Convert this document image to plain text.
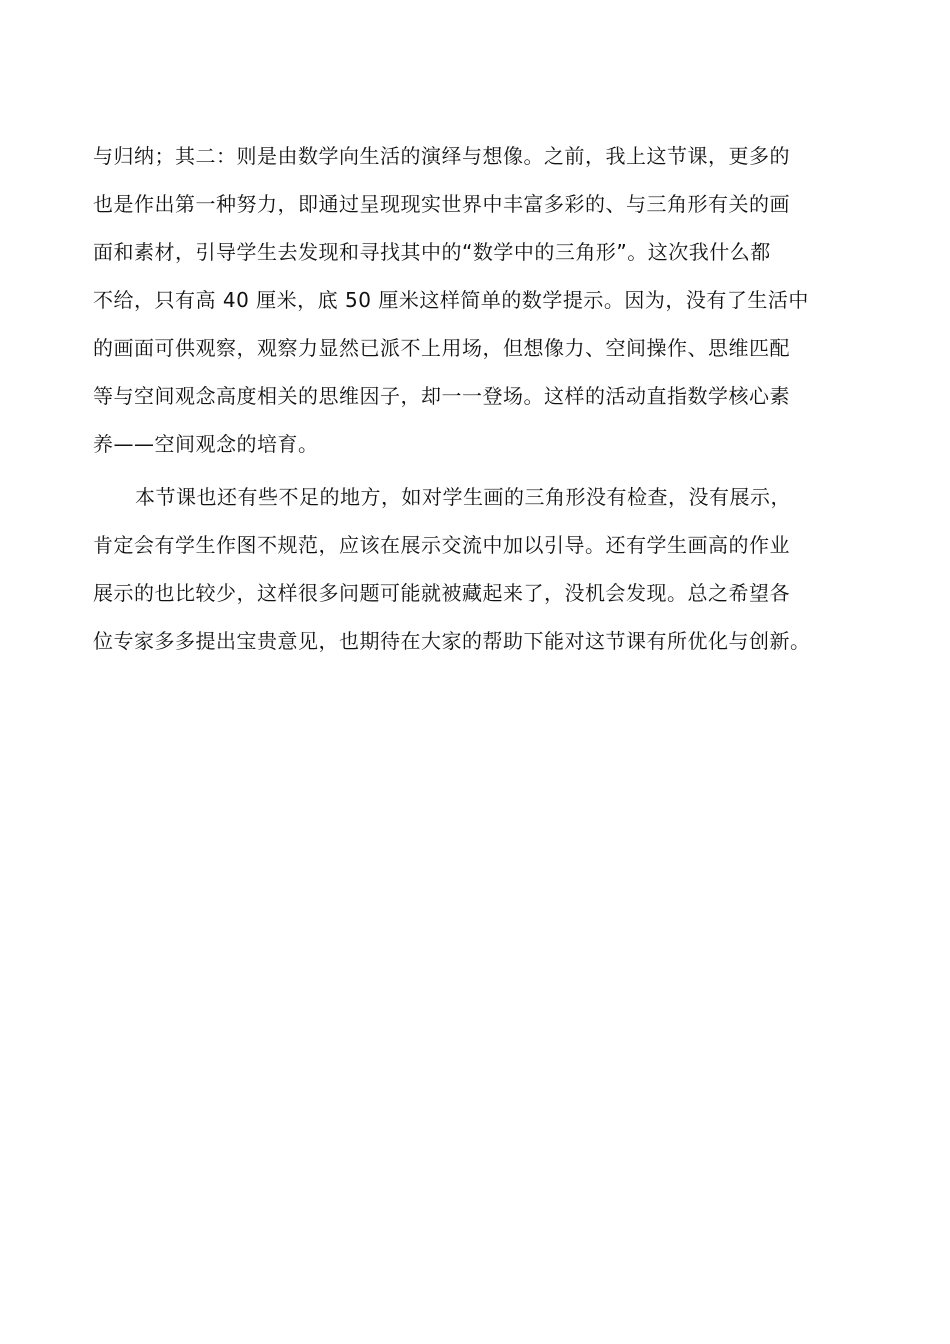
与归纳；其二：则是由数学向生活的演绎与想像。之前，我上这节课，更多的
也是作出第一种努力，即通过呈现现实世界中丰富多彩的、与三角形有关的画
面和素材，引导学生去发现和寻找其中的“数学中的三角形”。这次我什么都
不给，只有高 40 厘米，底 50 厘米这样简单的数学提示。因为，没有了生活中
的画面可供观察，观察力显然已派不上用场，但想像力、空间操作、思维匹配
等与空间观念高度相关的思维因子，却一一登场。这样的活动直指数学核心素
养——空间观念的培育。
本节课也还有些不足的地方，如对学生画的三角形没有检查，没有展示，
肯定会有学生作图不规范，应该在展示交流中加以引导。还有学生画高的作业
展示的也比较少，这样很多问题可能就被藏起来了，没机会发现。总之希望各
位专家多多提出宝贵意见，也期待在大家的帮助下能对这节课有所优化与创新。
